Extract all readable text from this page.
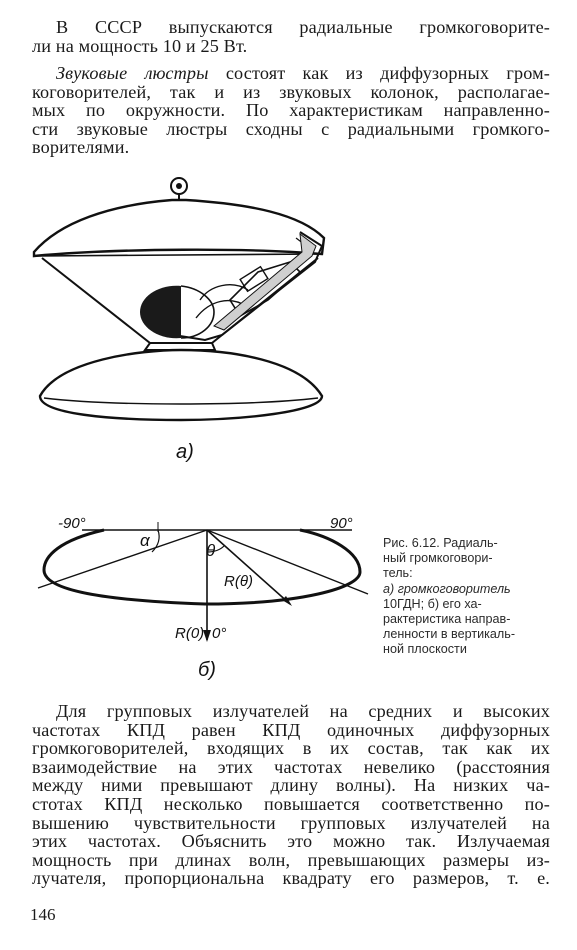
В СССР выпускаются радиальные громкоговорите-
ли на мощность 10 и 25 Вт.

Звуковые люстры состоят как из диффузорных гром-
коговорителей, так и из звуковых колонок, располагае-
мых по окружности. По характеристикам направленно-
сти звуковые люстры сходны с радиальными громкого-
ворителями.

а)
-90°	90°
α
θ
R(θ)
R(0) 0°
б)
Рис. 6.12. Радиаль-
ный громкоговори-
тель:
а) громкоговоритель
10ГДН; б) его ха-
рактеристика направ-
ленности в вертикаль-
ной плоскости

Для групповых излучателей на средних и высоких
частотах КПД равен КПД одиночных диффузорных
громкоговорителей, входящих в их состав, так как их
взаимодействие на этих частотах невелико (расстояния
между ними превышают длину волны). На низких ча-
стотах КПД несколько повышается соответственно по-
вышению чувствительности групповых излучателей на
этих частотах. Объяснить это можно так. Излучаемая
мощность при длинах волн, превышающих размеры из-
лучателя, пропорциональна квадрату его размеров, т. е.

146
